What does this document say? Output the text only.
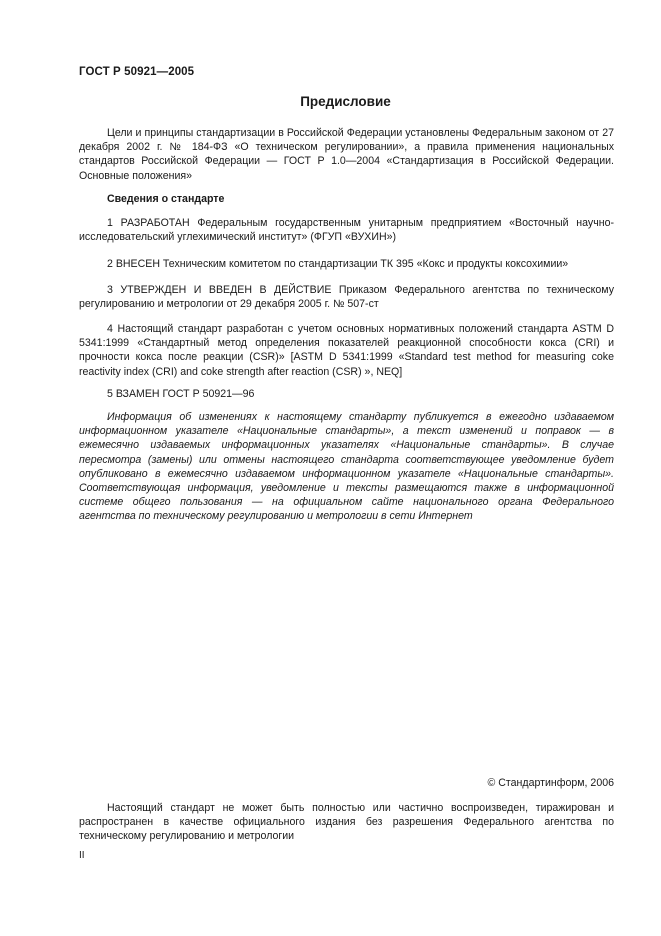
ГОСТ Р 50921—2005
Предисловие

Цели и принципы стандартизации в Российской Федерации установлены Федеральным законом от 27 декабря 2002 г. № 184-ФЗ «О техническом регулировании», а правила применения национальных стандартов Российской Федерации — ГОСТ Р 1.0—2004 «Стандартизация в Российской Федерации. Основные положения»

Сведения о стандарте

1 РАЗРАБОТАН Федеральным государственным унитарным предприятием «Восточный научно-исследовательский углехимический институт» (ФГУП «ВУХИН»)

2 ВНЕСЕН Техническим комитетом по стандартизации ТК 395 «Кокс и продукты коксохимии»

3 УТВЕРЖДЕН И ВВЕДЕН В ДЕЙСТВИЕ Приказом Федерального агентства по техническому регулированию и метрологии от 29 декабря 2005 г. № 507-ст

4 Настоящий стандарт разработан с учетом основных нормативных положений стандарта ASTM D 5341:1999 «Стандартный метод определения показателей реакционной способности кокса (CRI) и прочности кокса после реакции (CSR)» [ASTM D 5341:1999 «Standard test method for measuring coke reactivity index (CRI) and coke strength after reaction (CSR) », NEQ]

5 ВЗАМЕН ГОСТ Р 50921—96

Информация об изменениях к настоящему стандарту публикуется в ежегодно издаваемом информационном указателе «Национальные стандарты», а текст изменений и поправок — в ежемесячно издаваемых информационных указателях «Национальные стандарты». В случае пересмотра (замены) или отмены настоящего стандарта соответствующее уведомление будет опубликовано в ежемесячно издаваемом информационном указателе «Национальные стандарты». Соответствующая информация, уведомление и тексты размещаются также в информационной системе общего пользования — на официальном сайте национального органа Федерального агентства по техническому регулированию и метрологии в сети Интернет

© Стандартинформ, 2006

Настоящий стандарт не может быть полностью или частично воспроизведен, тиражирован и распространен в качестве официального издания без разрешения Федерального агентства по техническому регулированию и метрологии

II
